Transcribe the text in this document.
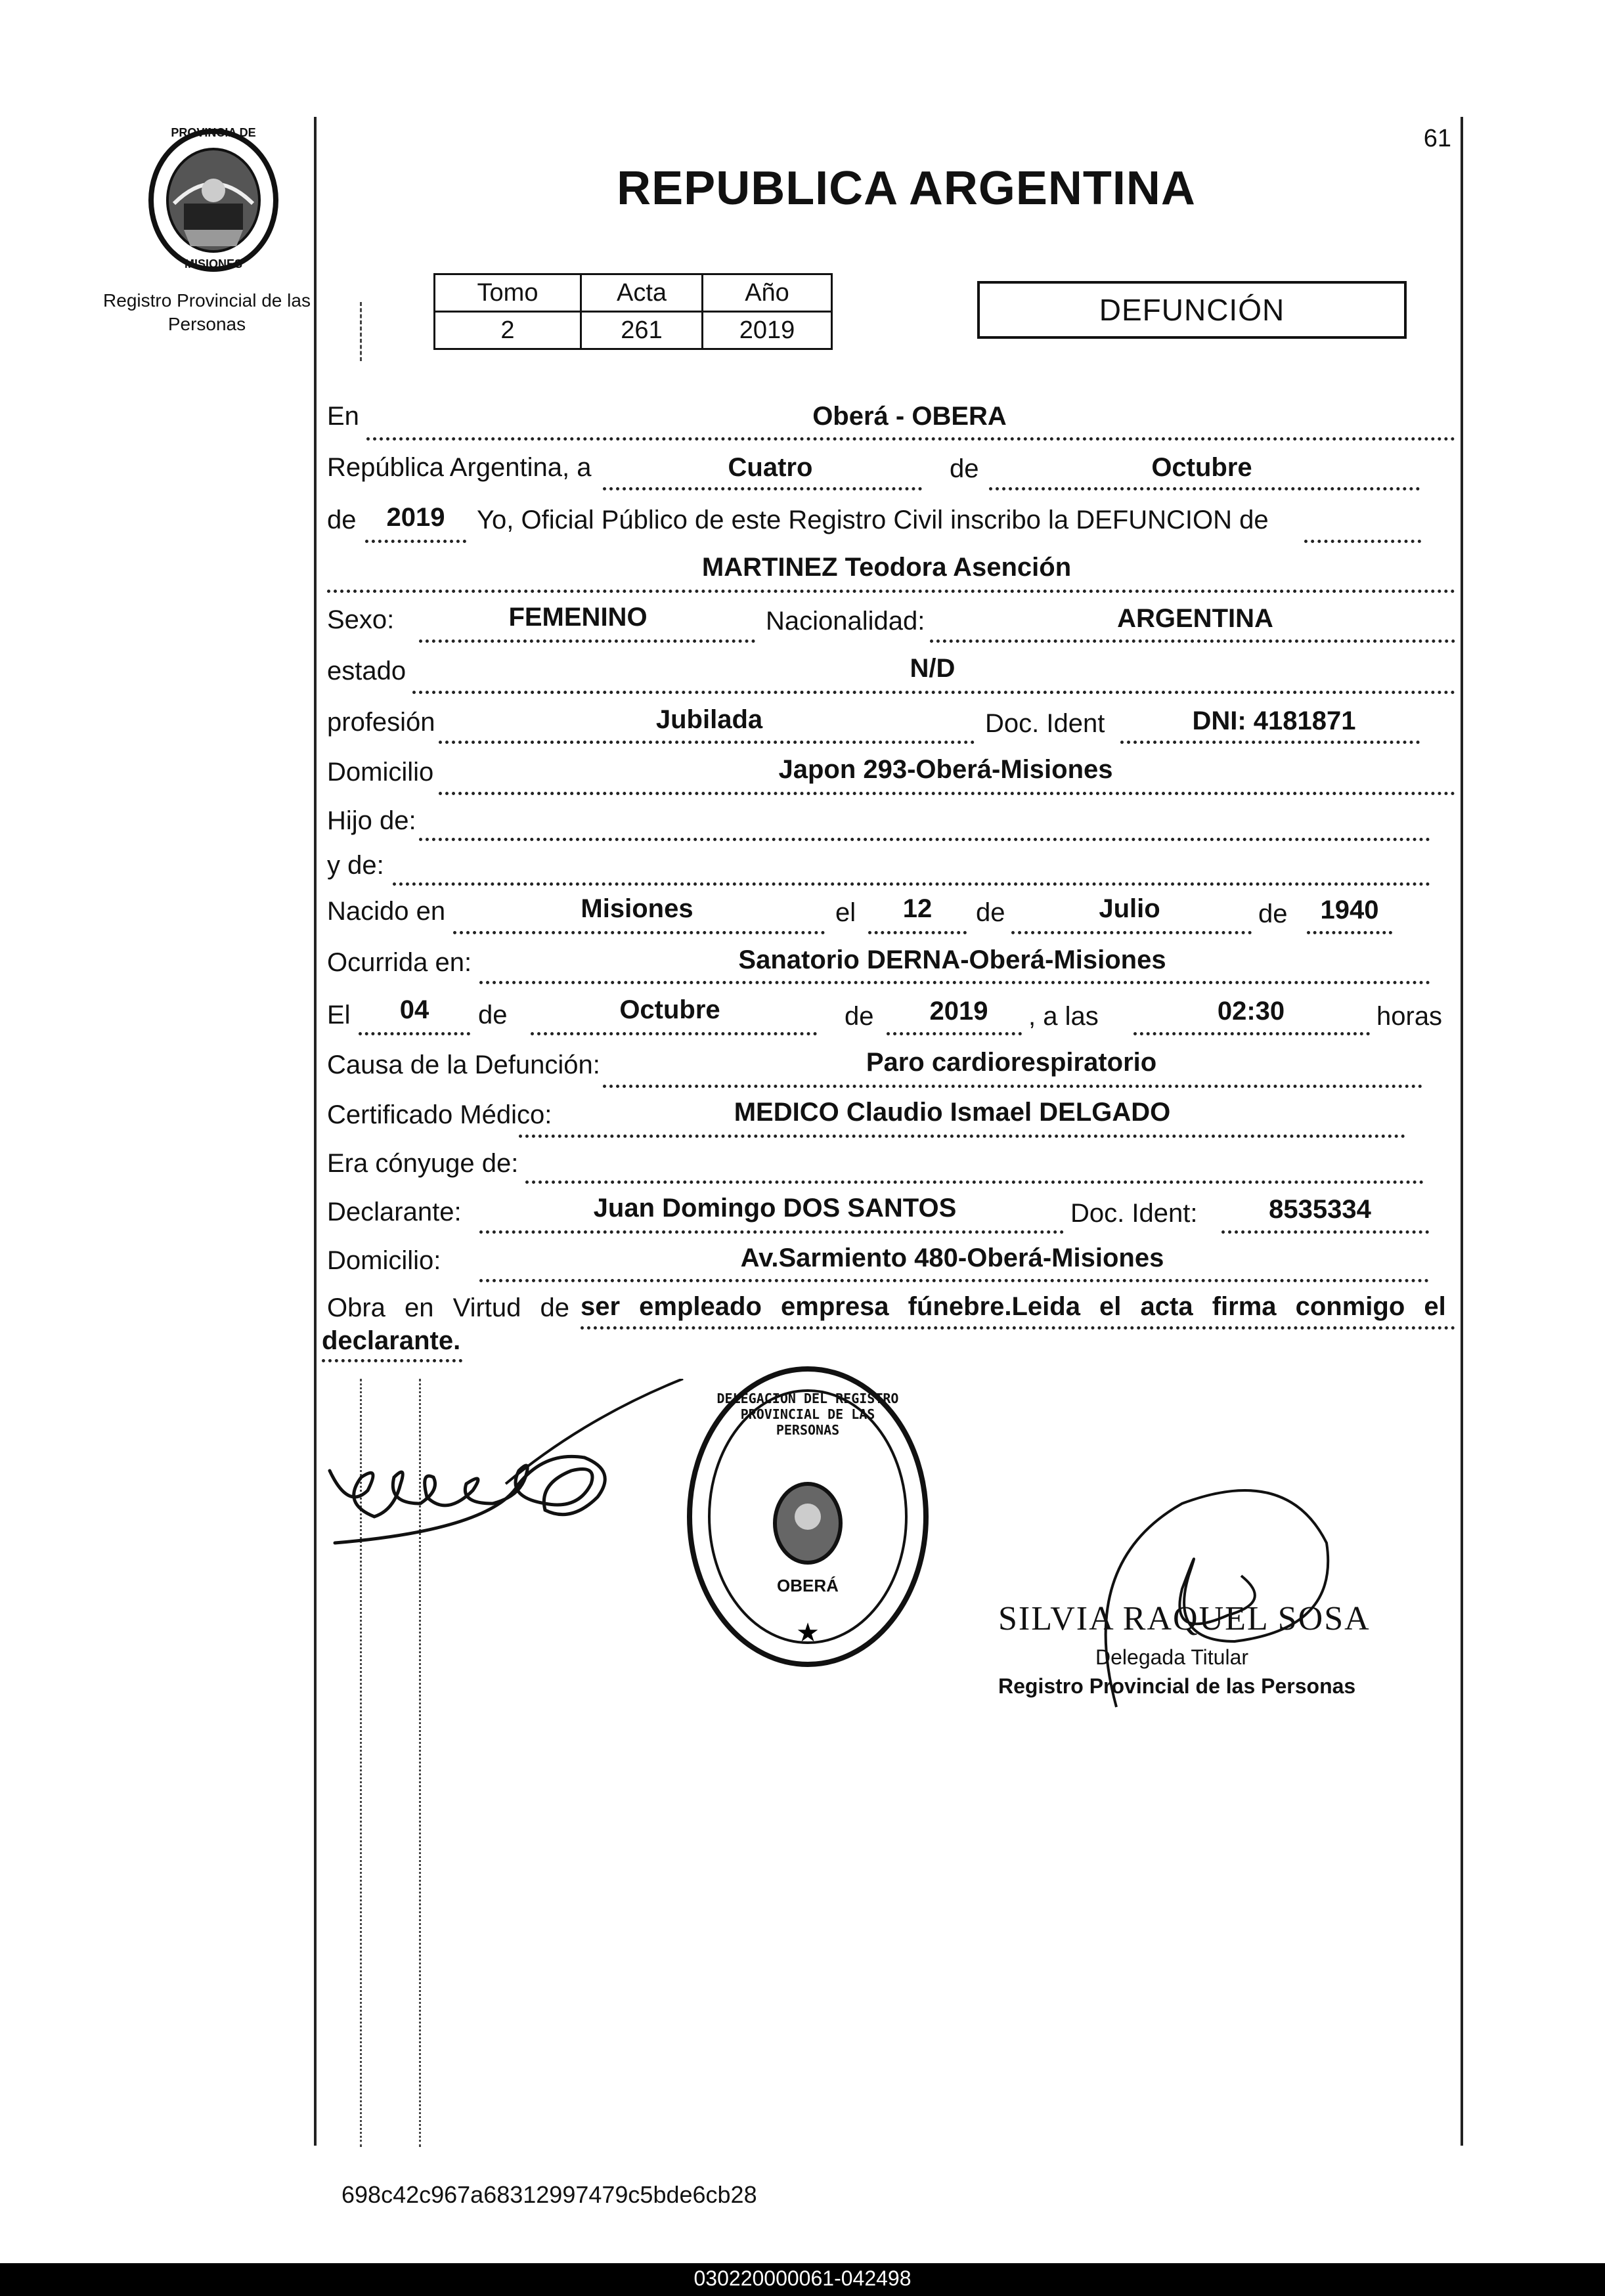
PROVINCIA DE
MISIONES
Registro Provincial de las Personas
61
REPUBLICA ARGENTINA
Tomo	Acta	Año
2	261	2019
DEFUNCIÓN
En	Oberá - OBERA
República Argentina, a	Cuatro	de	Octubre
de	2019	Yo, Oficial Público de este Registro Civil inscribo la DEFUNCION de
MARTINEZ Teodora Asención
Sexo:	FEMENINO	Nacionalidad:	ARGENTINA
estado	N/D
profesión	Jubilada	Doc. Ident	DNI: 4181871
Domicilio	Japon 293-Oberá-Misiones
Hijo de:
y de:
Nacido en	Misiones	el	12	de	Julio	de	1940
Ocurrida en:	Sanatorio DERNA-Oberá-Misiones
El	04	de	Octubre	de	2019	, a las	02:30	horas
Causa de la Defunción:	Paro cardiorespiratorio
Certificado Médico:	MEDICO Claudio Ismael DELGADO
Era cónyuge de:
Declarante:	Juan Domingo DOS SANTOS	Doc. Ident:	8535334
Domicilio:	Av.Sarmiento 480-Oberá-Misiones
Obra en Virtud de ser empleado empresa fúnebre.Leida el acta firma conmigo el
declarante.
★
DELEGACION DEL REGISTRO PROVINCIAL DE LAS PERSONAS
OBERÁ
SILVIA RAQUEL SOSA
Delegada Titular
Registro Provincial de las Personas
698c42c967a68312997479c5bde6cb28
030220000061-042498
